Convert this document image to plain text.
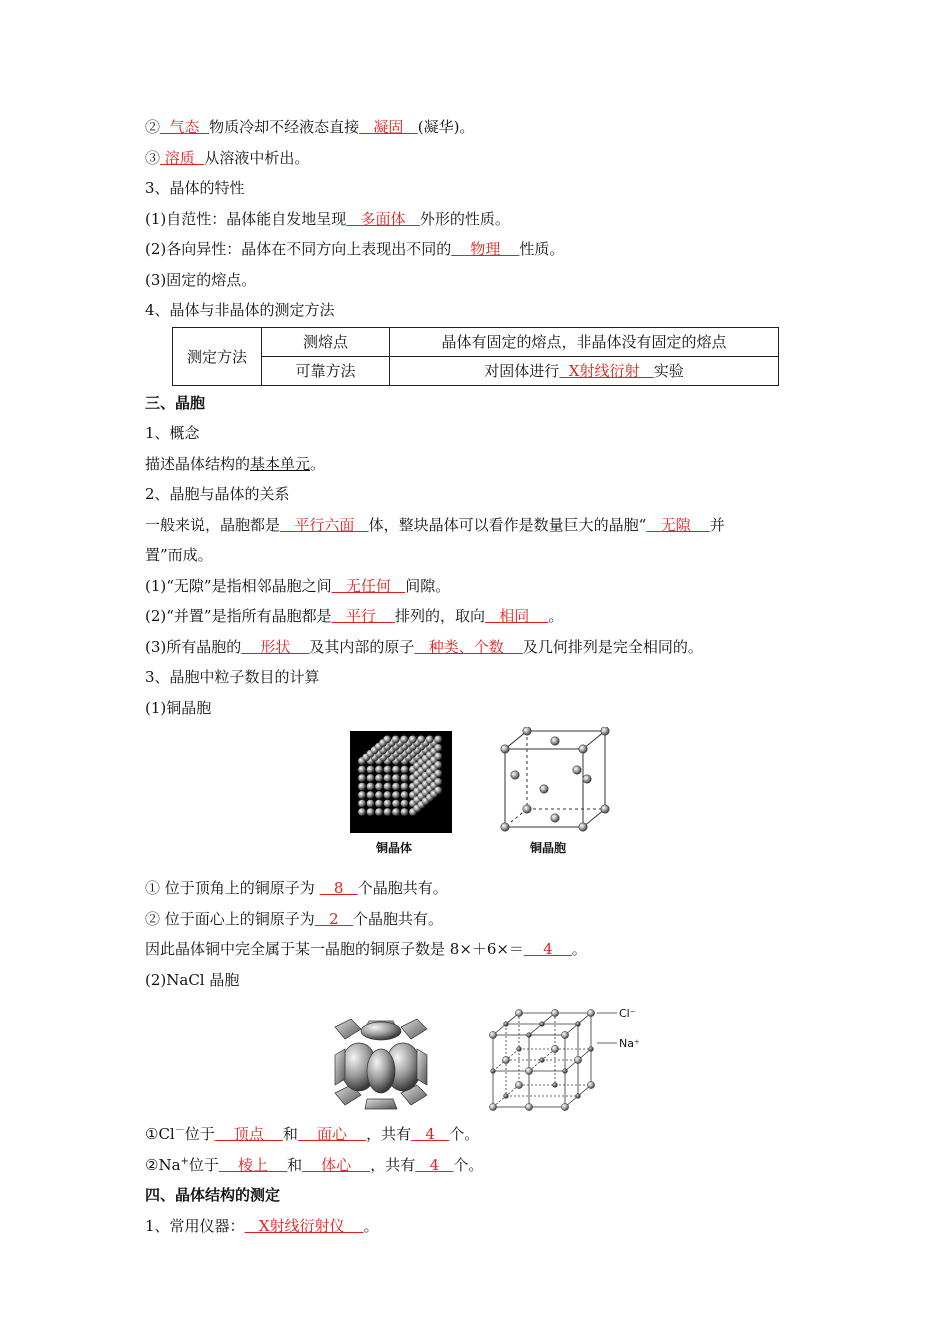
②  气态  物质冷却不经液态直接   凝固   (凝华)。
③ 溶质  从溶液中析出。
3、晶体的特性
(1)自范性：晶体能自发地呈现   多面体   外形的性质。
(2)各向异性：晶体在不同方向上表现出不同的    物理    性质。
(3)固定的熔点。
4、晶体与非晶体的测定方法
测定方法	测熔点	晶体有固定的熔点，非晶体没有固定的熔点
	可靠方法	对固体进行  X射线衍射   实验
三、晶胞
1、概念
描述晶体结构的基本单元。
2、晶胞与晶体的关系
一般来说，晶胞都是   平行六面   体，整块晶体可以看作是数量巨大的晶胞“   无隙    并
置”而成。
(1)“无隙”是指相邻晶胞之间   无任何   间隙。
(2)“并置”是指所有晶胞都是   平行    排列的，取向   相同    。
(3)所有晶胞的    形状    及其内部的原子   种类、个数    及几何排列是完全相同的。
3、晶胞中粒子数目的计算
(1)铜晶胞
铜晶体	铜晶胞
① 位于顶角上的铜原子为    8   个晶胞共有。
② 位于面心上的铜原子为   2   个晶胞共有。
因此晶体铜中完全属于某一晶胞的铜原子数是 8×＋6×＝    4    。
(2)NaCl 晶胞
Cl⁻
Na⁺
①Cl－位于    顶点    和    面心    ，共有   4   个。
②Na+位于    棱上    和    体心    ，共有   4   个。
四、晶体结构的测定
1、常用仪器：   X射线衍射仪    。
